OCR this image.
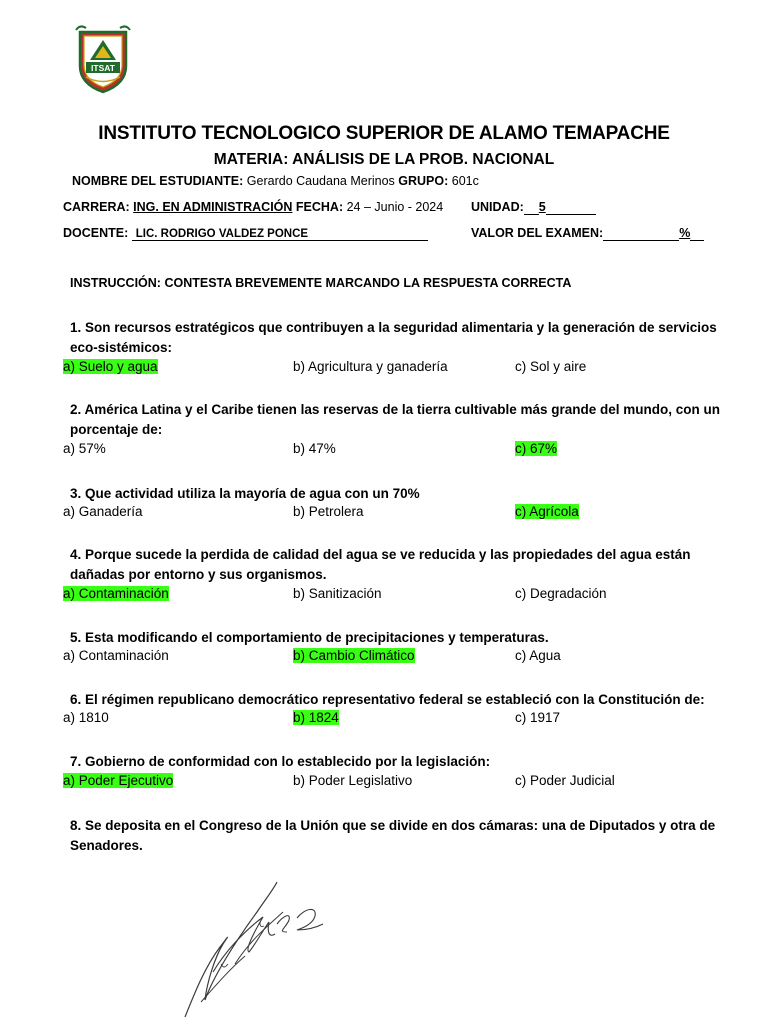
ITSAT
INSTITUTO TECNOLOGICO SUPERIOR DE ALAMO TEMAPACHE
MATERIA: ANÁLISIS DE LA PROB. NACIONAL
NOMBRE DEL ESTUDIANTE: Gerardo Caudana Merinos GRUPO: 601c
CARRERA: ING. EN ADMINISTRACIÓN FECHA: 24 – Junio - 2024 UNIDAD: 5
DOCENTE: LIC. RODRIGO VALDEZ PONCE	VALOR DEL EXAMEN:	%
INSTRUCCIÓN: CONTESTA BREVEMENTE MARCANDO LA RESPUESTA CORRECTA
1. Son recursos estratégicos que contribuyen a la seguridad alimentaria y la generación de servicios eco-sistémicos:
a) Suelo y agua	b) Agricultura y ganadería	c) Sol y aire
2. América Latina y el Caribe tienen las reservas de la tierra cultivable más grande del mundo, con un porcentaje de:
a) 57%	b) 47%	c) 67%
3. Que actividad utiliza la mayoría de agua con un 70%
a) Ganadería	b) Petrolera	c) Agrícola
4. Porque sucede la perdida de calidad del agua se ve reducida y las propiedades del agua están dañadas por entorno y sus organismos.
a) Contaminación	b) Sanitización	c) Degradación
5. Esta modificando el comportamiento de precipitaciones y temperaturas.
a) Contaminación	b) Cambio Climático	c) Agua
6. El régimen republicano democrático representativo federal se estableció con la Constitución de:
a) 1810	b) 1824	c) 1917
7. Gobierno de conformidad con lo establecido por la legislación:
a) Poder Ejecutivo	b) Poder Legislativo	c) Poder Judicial
8. Se deposita en el Congreso de la Unión que se divide en dos cámaras: una de Diputados y otra de Senadores.
